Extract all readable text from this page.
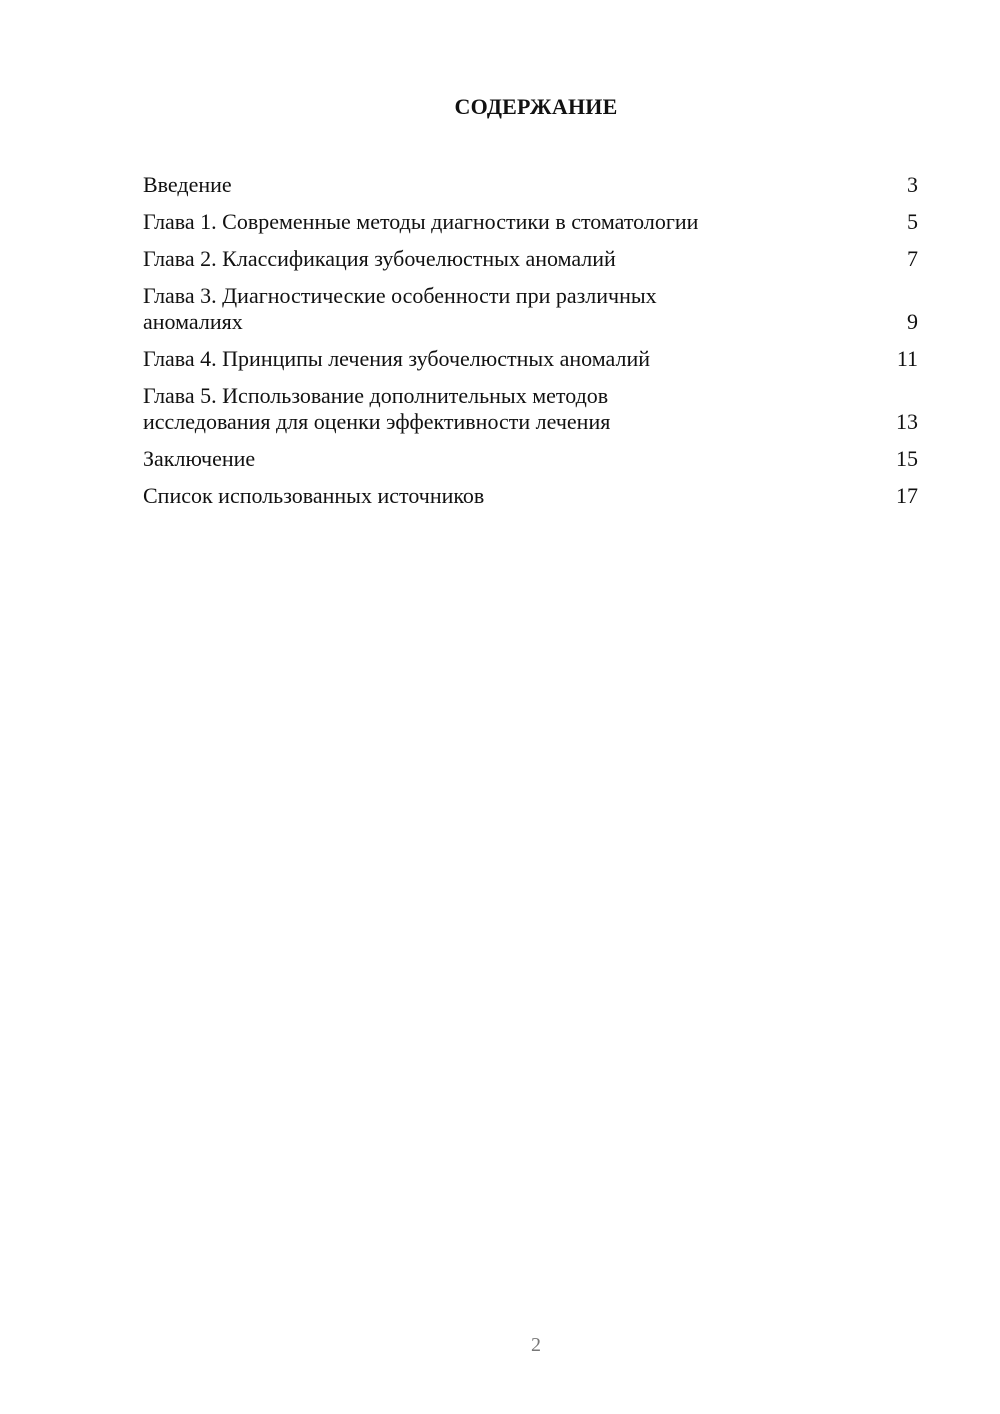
СОДЕРЖАНИЕ
Введение	3
Глава 1. Современные методы диагностики в стоматологии	5
Глава 2. Классификация зубочелюстных аномалий	7
Глава 3. Диагностические особенности при различных
аномалиях	9
Глава 4. Принципы лечения зубочелюстных аномалий	11
Глава 5. Использование дополнительных методов
исследования для оценки эффективности лечения	13
Заключение	15
Список использованных источников	17
2
